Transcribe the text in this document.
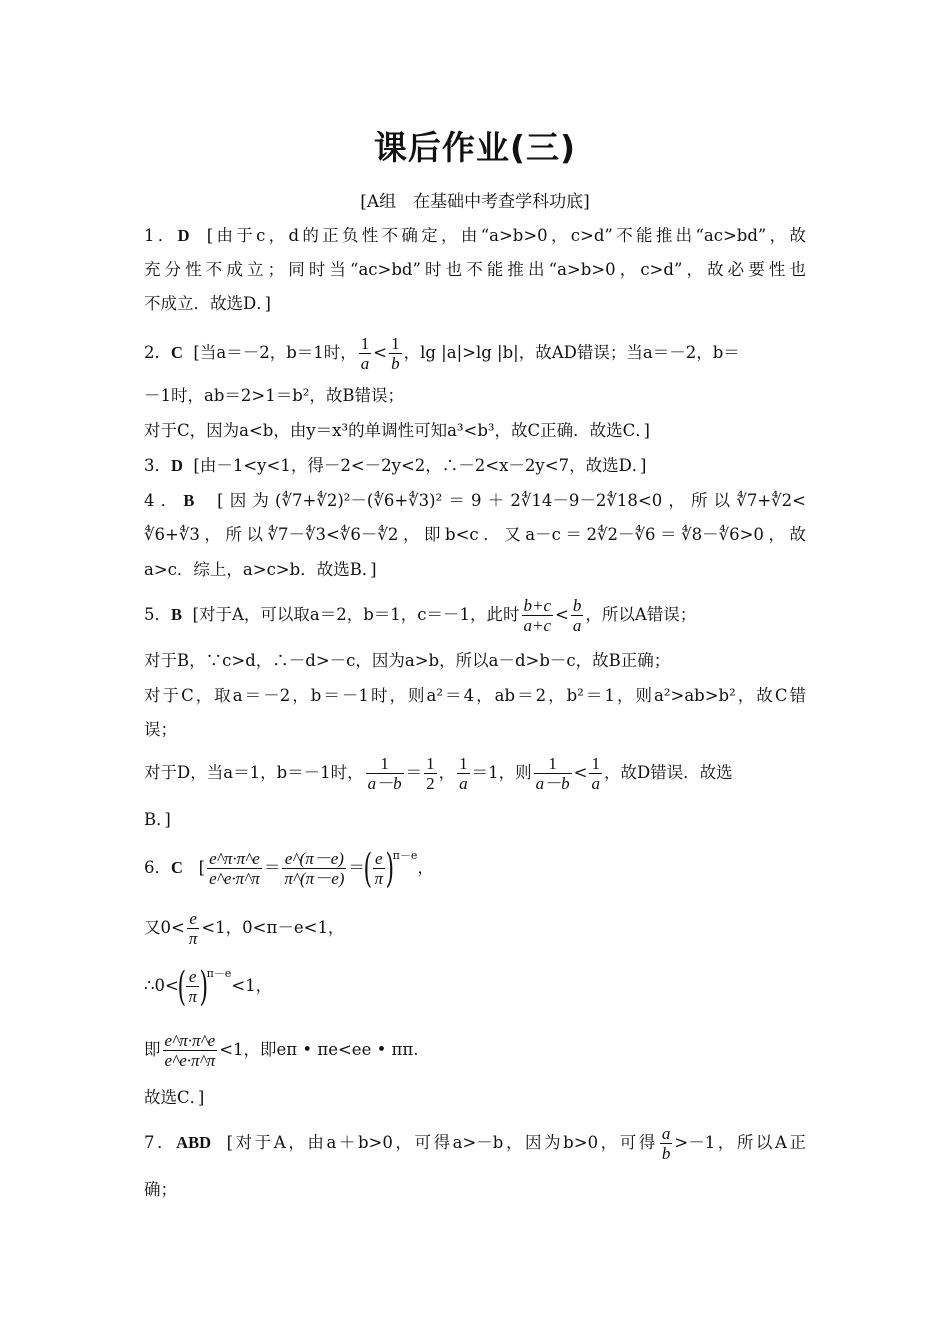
课后作业(三)
[A组　在基础中考查学科功底]
1．D [由于c，d的正负性不确定，由“a>b>0，c>d”不能推出“ac>bd”，故
充分性不成立；同时当“ac>bd”时也不能推出“a>b>0，c>d”，故必要性也
不成立．故选D．]
2．C [当a＝－2，b＝1时， $\frac{1}{a} < \frac{1}{b}$ ，lg |a|>lg |b|，故AD错误；当a＝－2，b＝
－1时，ab＝2>1＝b²，故B错误；
对于C，因为a<b，由y＝x³的单调性可知a³<b³，故C正确．故选C．]
3．D [由－1<y<1，得－2<－2y<2，∴－2<x－2y<7，故选D．]
4．B [因为(∜7+∜2)²－(∜6+∜3)²＝9＋2∜14－9－2∜18<0，所以∜7+∜2<
∜6+∜3，所以∜7－∜3<∜6－∜2，即b<c．又a－c＝2∜2－∜6＝∜8－∜6>0，故
a>c．综上，a>c>b．故选B．]
5．B [对于A，可以取a＝2，b＝1，c＝－1，此时 $\frac{b+c}{a+c} < \frac{b}{a}$ ，所以A错误；
对于B，∵c>d，∴－d>－c，因为a>b，所以a－d>b－c，故B正确；
对于C，取a＝－2，b＝－1时，则a²＝4，ab＝2，b²＝1，则a²>ab>b²，故C错
误；
对于D，当a＝1，b＝－1时， $\frac{1}{a-b} = \frac{1}{2}$ ， $\frac{1}{a} =1$，则 $\frac{1}{a-b} < \frac{1}{a}$ ，故D错误．故选
B．]
6．C [ $\frac{e\^{}\pi\cdot\pi\^{}e}{e\^{}e\cdot\pi\^{}\pi} = \frac{e\^{}(\pi-e)}{\pi\^{}(\pi-e)}$ ＝( $\frac{e}{\pi} )^{\pi-e}$，
又$0< \frac{e}{\pi} <1$，0<π－e<1，
∴0<( $\frac{e}{\pi} )^{\pi-e}<1$，
即 $\frac{e\^{}\pi\cdot\pi\^{}e}{e\^{}e\cdot\pi\^{}\pi} <1$，即eπ • πe<ee • ππ.
故选C．]
7．ABD [对于A，由a＋b>0，可得a>－b，因为b>0，可得 $\frac{a}{b} >-1$，所以A正
确；
